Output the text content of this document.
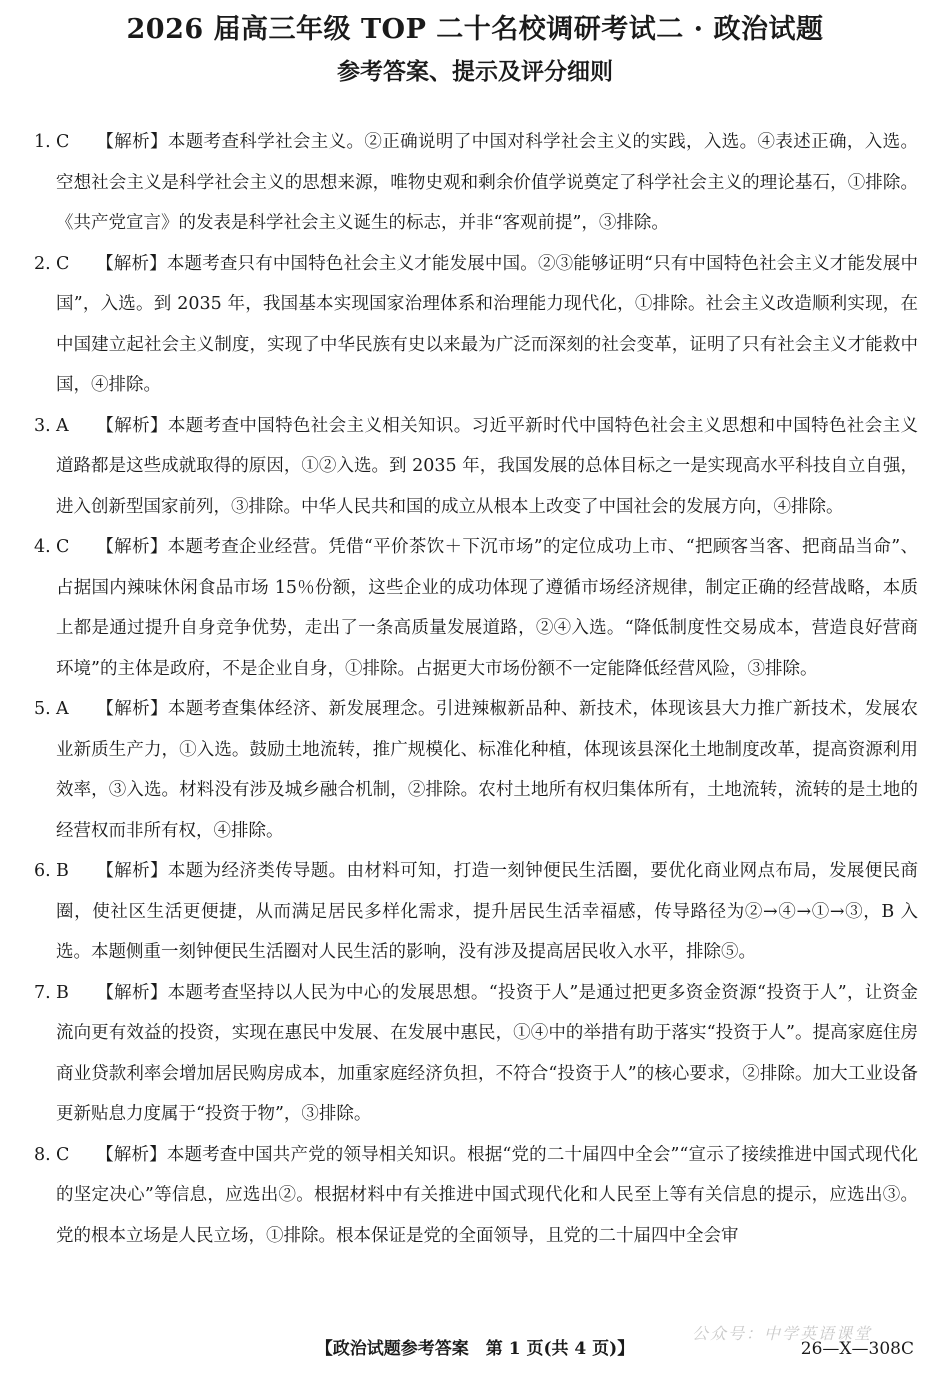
2026 届高三年级 TOP 二十名校调研考试二 · 政治试题
参考答案、提示及评分细则
1. C 【解析】本题考查科学社会主义。②正确说明了中国对科学社会主义的实践，入选。④表述正确，入选。空想社会主义是科学社会主义的思想来源，唯物史观和剩余价值学说奠定了科学社会主义的理论基石，①排除。《共产党宣言》的发表是科学社会主义诞生的标志，并非“客观前提”，③排除。
2. C 【解析】本题考查只有中国特色社会主义才能发展中国。②③能够证明“只有中国特色社会主义才能发展中国”，入选。到 2035 年，我国基本实现国家治理体系和治理能力现代化，①排除。社会主义改造顺利实现，在中国建立起社会主义制度，实现了中华民族有史以来最为广泛而深刻的社会变革，证明了只有社会主义才能救中国，④排除。
3. A 【解析】本题考查中国特色社会主义相关知识。习近平新时代中国特色社会主义思想和中国特色社会主义道路都是这些成就取得的原因，①②入选。到 2035 年，我国发展的总体目标之一是实现高水平科技自立自强，进入创新型国家前列，③排除。中华人民共和国的成立从根本上改变了中国社会的发展方向，④排除。
4. C 【解析】本题考查企业经营。凭借“平价茶饮＋下沉市场”的定位成功上市、“把顾客当客、把商品当命”、占据国内辣味休闲食品市场 15％份额，这些企业的成功体现了遵循市场经济规律，制定正确的经营战略，本质上都是通过提升自身竞争优势，走出了一条高质量发展道路，②④入选。“降低制度性交易成本，营造良好营商环境”的主体是政府，不是企业自身，①排除。占据更大市场份额不一定能降低经营风险，③排除。
5. A 【解析】本题考查集体经济、新发展理念。引进辣椒新品种、新技术，体现该县大力推广新技术，发展农业新质生产力，①入选。鼓励土地流转，推广规模化、标准化种植，体现该县深化土地制度改革，提高资源利用效率，③入选。材料没有涉及城乡融合机制，②排除。农村土地所有权归集体所有，土地流转，流转的是土地的经营权而非所有权，④排除。
6. B 【解析】本题为经济类传导题。由材料可知，打造一刻钟便民生活圈，要优化商业网点布局，发展便民商圈，使社区生活更便捷，从而满足居民多样化需求，提升居民生活幸福感，传导路径为②→④→①→③，B 入选。本题侧重一刻钟便民生活圈对人民生活的影响，没有涉及提高居民收入水平，排除⑤。
7. B 【解析】本题考查坚持以人民为中心的发展思想。“投资于人”是通过把更多资金资源“投资于人”，让资金流向更有效益的投资，实现在惠民中发展、在发展中惠民，①④中的举措有助于落实“投资于人”。提高家庭住房商业贷款利率会增加居民购房成本，加重家庭经济负担，不符合“投资于人”的核心要求，②排除。加大工业设备更新贴息力度属于“投资于物”，③排除。
8. C 【解析】本题考查中国共产党的领导相关知识。根据“党的二十届四中全会”“宣示了接续推进中国式现代化的坚定决心”等信息，应选出②。根据材料中有关推进中国式现代化和人民至上等有关信息的提示，应选出③。党的根本立场是人民立场，①排除。根本保证是党的全面领导，且党的二十届四中全会审
公众号：中学英语课堂
【政治试题参考答案　第 1 页(共 4 页)】	26—X—308C
